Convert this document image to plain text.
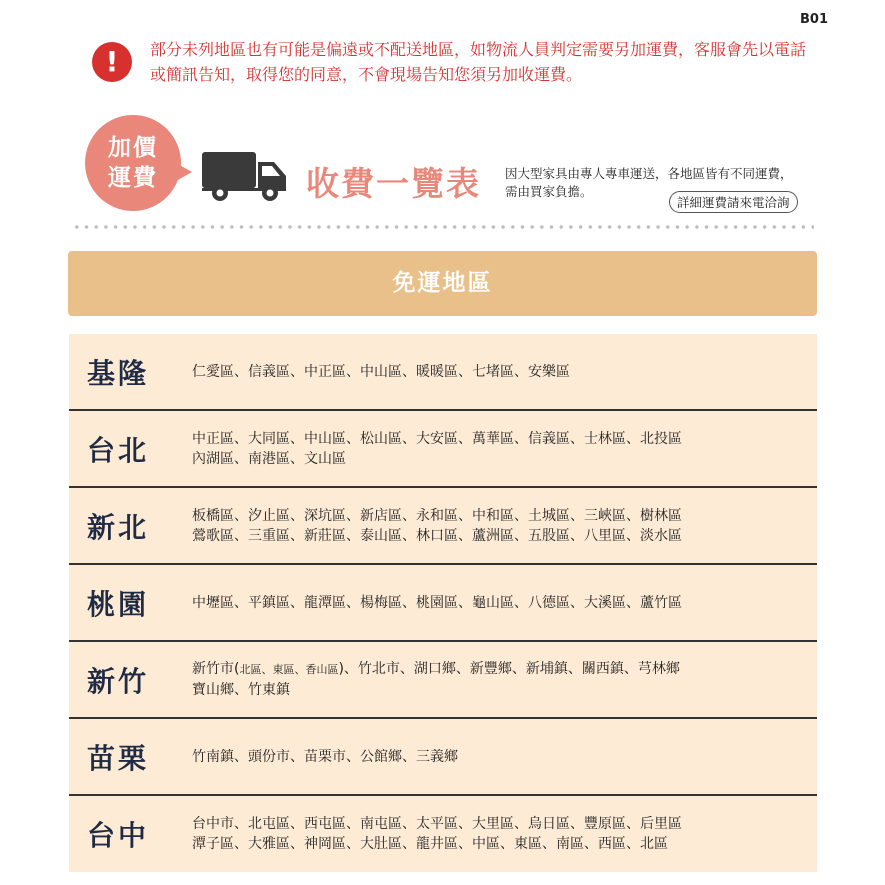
B01
!	部分未列地區也有可能是偏遠或不配送地區，如物流人員判定需要另加運費，客服會先以電話或簡訊告知，取得您的同意，不會現場告知您須另加收運費。
加價
運費	收費一覽表 因大型家具由專人專車運送，各地區皆有不同運費，需由買家負擔。
詳細運費請來電洽詢
免運地區
基隆	仁愛區、信義區、中正區、中山區、暖暖區、七堵區、安樂區
台北	中正區、大同區、中山區、松山區、大安區、萬華區、信義區、士林區、北投區
內湖區、南港區、文山區
新北	板橋區、汐止區、深坑區、新店區、永和區、中和區、土城區、三峽區、樹林區
鶯歌區、三重區、新莊區、泰山區、林口區、蘆洲區、五股區、八里區、淡水區
桃園	中壢區、平鎮區、龍潭區、楊梅區、桃園區、龜山區、八德區、大溪區、蘆竹區
新竹	新竹市(北區、東區、香山區)、竹北市、湖口鄉、新豐鄉、新埔鎮、關西鎮、芎林鄉
寶山鄉、竹東鎮
苗栗	竹南鎮、頭份市、苗栗市、公館鄉、三義鄉
台中	台中市、北屯區、西屯區、南屯區、太平區、大里區、烏日區、豐原區、后里區
潭子區、大雅區、神岡區、大肚區、龍井區、中區、東區、南區、西區、北區
